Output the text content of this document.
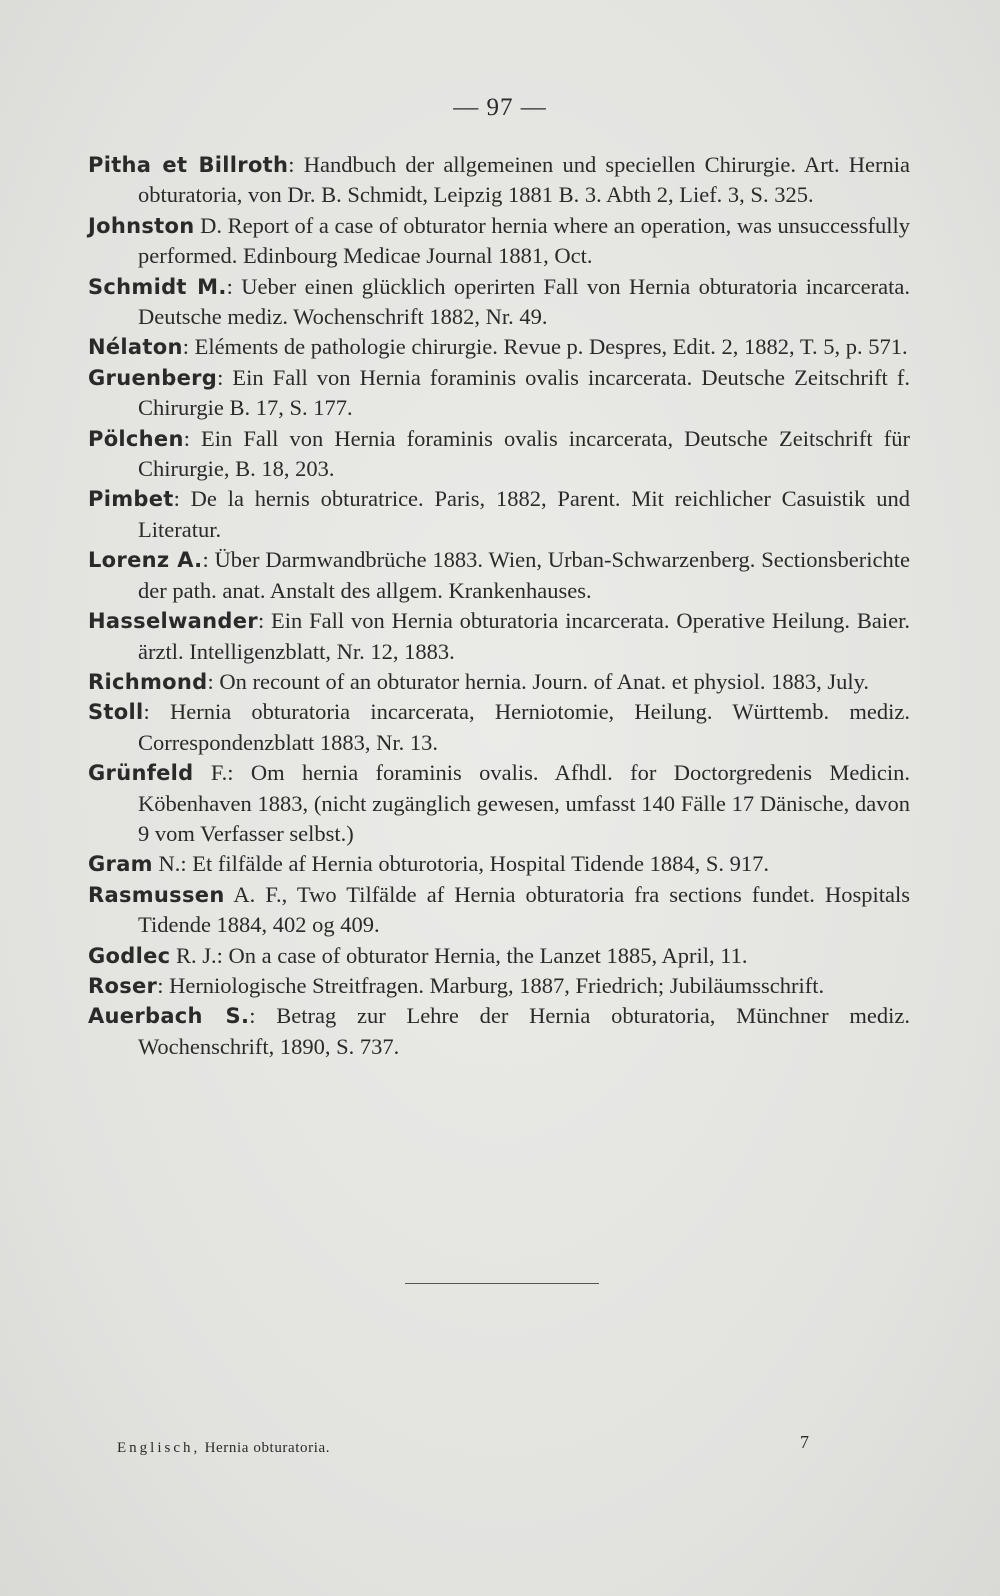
— 97 —
Pitha et Billroth: Handbuch der allgemeinen und speciellen Chirurgie. Art. Hernia obturatoria, von Dr. B. Schmidt, Leipzig 1881 B. 3. Abth 2, Lief. 3, S. 325.
Johnston D. Report of a case of obturator hernia where an operation, was unsuccessfully performed. Edinbourg Medicae Journal 1881, Oct.
Schmidt M.: Ueber einen glücklich operirten Fall von Hernia obturatoria incarcerata. Deutsche mediz. Wochenschrift 1882, Nr. 49.
Nélaton: Eléments de pathologie chirurgie. Revue p. Despres, Edit. 2, 1882, T. 5, p. 571.
Gruenberg: Ein Fall von Hernia foraminis ovalis incarcerata. Deutsche Zeitschrift f. Chirurgie B. 17, S. 177.
Pölchen: Ein Fall von Hernia foraminis ovalis incarcerata, Deutsche Zeitschrift für Chirurgie, B. 18, 203.
Pimbet: De la hernis obturatrice. Paris, 1882, Parent. Mit reichlicher Casuistik und Literatur.
Lorenz A.: Über Darmwandbrüche 1883. Wien, Urban-Schwarzenberg. Sectionsberichte der path. anat. Anstalt des allgem. Krankenhauses.
Hasselwander: Ein Fall von Hernia obturatoria incarcerata. Operative Heilung. Baier. ärztl. Intelligenzblatt, Nr. 12, 1883.
Richmond: On recount of an obturator hernia. Journ. of Anat. et physiol. 1883, July.
Stoll: Hernia obturatoria incarcerata, Herniotomie, Heilung. Württemb. mediz. Correspondenzblatt 1883, Nr. 13.
Grünfeld F.: Om hernia foraminis ovalis. Afhdl. for Doctorgredenis Medicin. Köbenhaven 1883, (nicht zugänglich gewesen, umfasst 140 Fälle 17 Dänische, davon 9 vom Verfasser selbst.)
Gram N.: Et filfälde af Hernia obturotoria, Hospital Tidende 1884, S. 917.
Rasmussen A. F., Two Tilfälde af Hernia obturatoria fra sections fundet. Hospitals Tidende 1884, 402 og 409.
Godlec R. J.: On a case of obturator Hernia, the Lanzet 1885, April, 11.
Roser: Herniologische Streitfragen. Marburg, 1887, Friedrich; Jubiläumsschrift.
Auerbach S.: Betrag zur Lehre der Hernia obturatoria, Münchner mediz. Wochenschrift, 1890, S. 737.
Englisch, Hernia obturatoria.	7
